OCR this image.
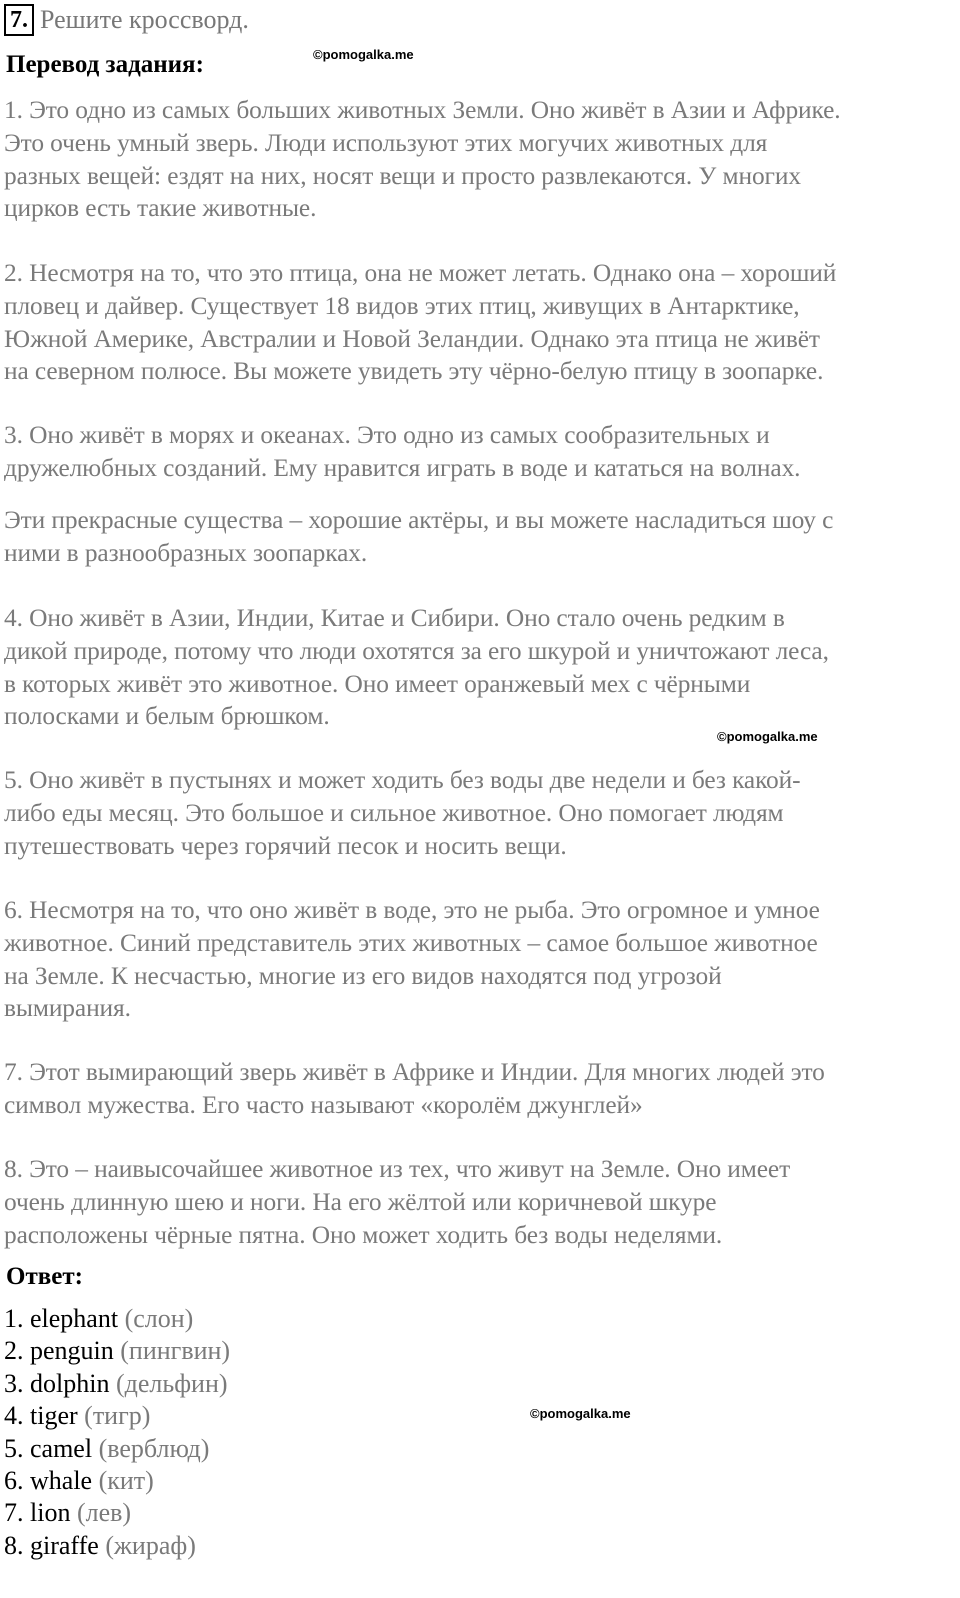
7. Решите кроссворд.
©pomogalka.me
©pomogalka.me
©pomogalka.me
Перевод задания:
1. Это одно из самых больших животных Земли. Оно живёт в Азии и Африке.
Это очень умный зверь. Люди используют этих могучих животных для
разных вещей: ездят на них, носят вещи и просто развлекаются. У многих
цирков есть такие животные.
2. Несмотря на то, что это птица, она не может летать. Однако она – хороший
пловец и дайвер. Существует 18 видов этих птиц, живущих в Антарктике,
Южной Америке, Австралии и Новой Зеландии. Однако эта птица не живёт
на северном полюсе. Вы можете увидеть эту чёрно-белую птицу в зоопарке.
3. Оно живёт в морях и океанах. Это одно из самых сообразительных и
дружелюбных созданий. Ему нравится играть в воде и кататься на волнах.
Эти прекрасные существа – хорошие актёры, и вы можете насладиться шоу с
ними в разнообразных зоопарках.
4. Оно живёт в Азии, Индии, Китае и Сибири. Оно стало очень редким в
дикой природе, потому что люди охотятся за его шкурой и уничтожают леса,
в которых живёт это животное. Оно имеет оранжевый мех с чёрными
полосками и белым брюшком.
5. Оно живёт в пустынях и может ходить без воды две недели и без какой-
либо еды месяц. Это большое и сильное животное. Оно помогает людям
путешествовать через горячий песок и носить вещи.
6. Несмотря на то, что оно живёт в воде, это не рыба. Это огромное и умное
животное. Синий представитель этих животных – самое большое животное
на Земле. К несчастью, многие из его видов находятся под угрозой
вымирания.
7. Этот вымирающий зверь живёт в Африке и Индии. Для многих людей это
символ мужества. Его часто называют «королём джунглей»
8. Это – наивысочайшее животное из тех, что живут на Земле. Оно имеет
очень длинную шею и ноги. На его жёлтой или коричневой шкуре
расположены чёрные пятна. Оно может ходить без воды неделями.
Ответ:
1. elephant (слон)
2. penguin (пингвин)
3. dolphin (дельфин)
4. tiger (тигр)
5. camel (верблюд)
6. whale (кит)
7. lion (лев)
8. giraffe (жираф)
